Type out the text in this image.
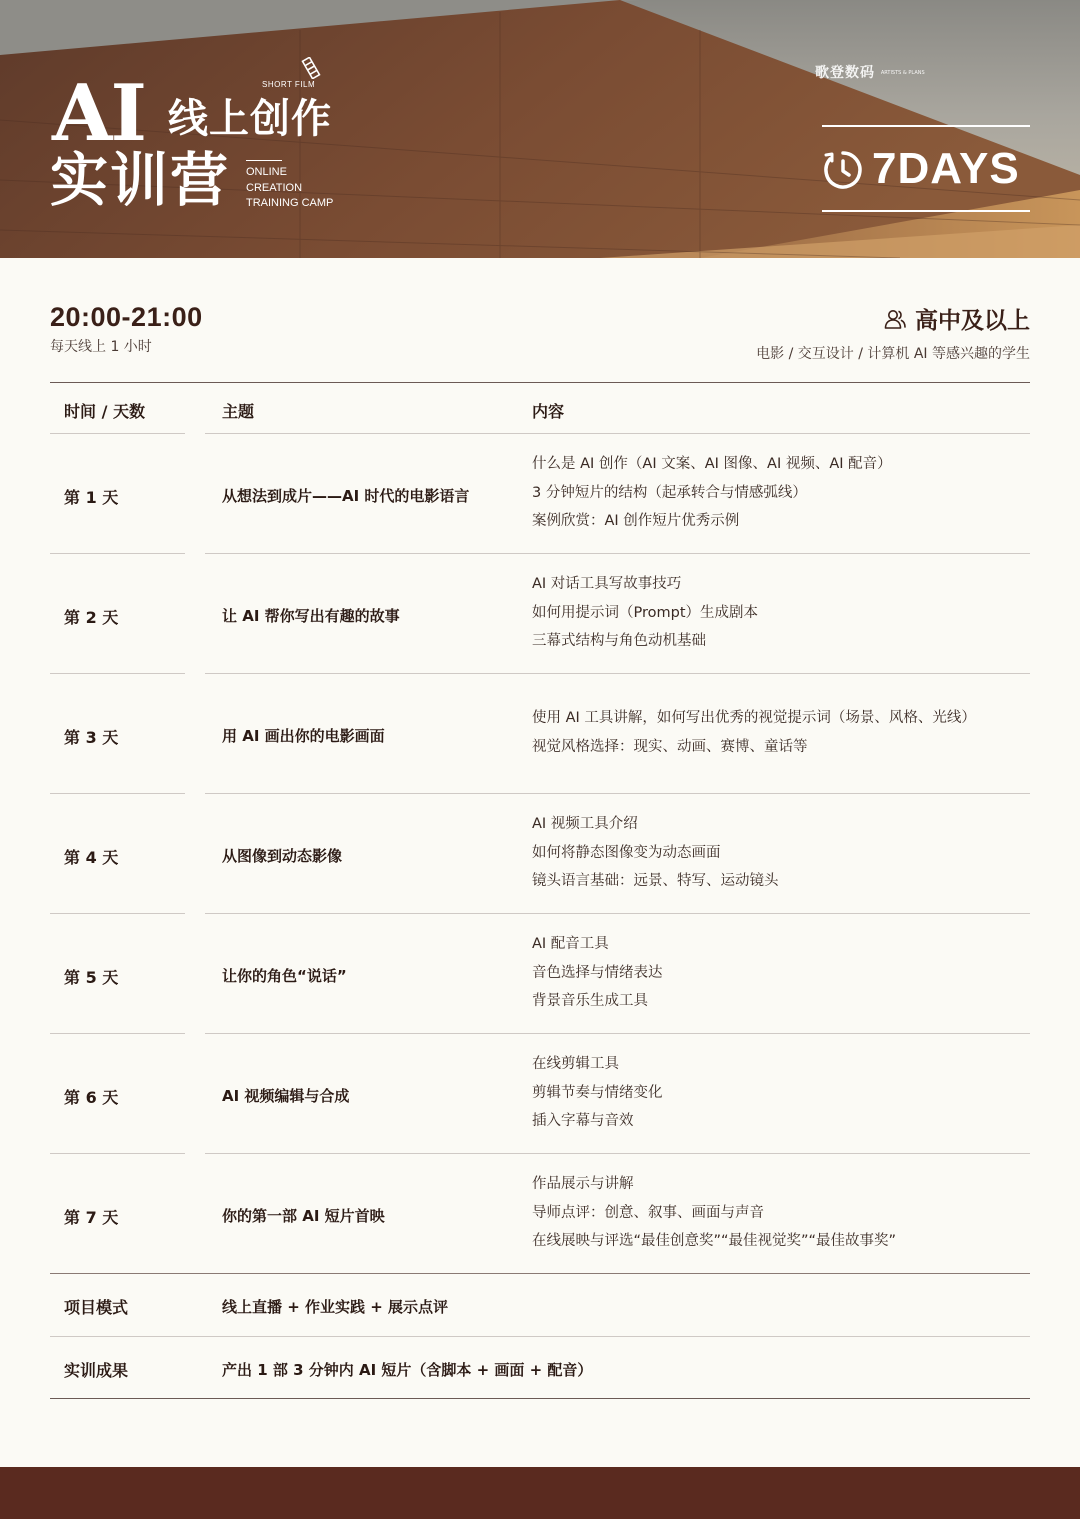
AI	SHORT FILM
线上创作
实训营 ONLINE
CREATION
TRAINING CAMP
歌登数码 ARTISTS & PLANS
7DAYS
20:00-21:00
每天线上 1 小时
高中及以上
电影 / 交互设计 / 计算机 AI 等感兴趣的学生
时间 / 天数	主题	内容
第 1 天	从想法到成片——AI 时代的电影语言
什么是 AI 创作（AI 文案、AI 图像、AI 视频、AI 配音）
3 分钟短片的结构（起承转合与情感弧线）
案例欣赏：AI 创作短片优秀示例
第 2 天	让 AI 帮你写出有趣的故事
AI 对话工具写故事技巧
如何用提示词（Prompt）生成剧本
三幕式结构与角色动机基础
第 3 天	用 AI 画出你的电影画面
使用 AI 工具讲解，如何写出优秀的视觉提示词（场景、风格、光线）
视觉风格选择：现实、动画、赛博、童话等
第 4 天	从图像到动态影像
AI 视频工具介绍
如何将静态图像变为动态画面
镜头语言基础：远景、特写、运动镜头
第 5 天	让你的角色“说话”
AI 配音工具
音色选择与情绪表达
背景音乐生成工具
第 6 天	AI 视频编辑与合成
在线剪辑工具
剪辑节奏与情绪变化
插入字幕与音效
第 7 天	你的第一部 AI 短片首映
作品展示与讲解
导师点评：创意、叙事、画面与声音
在线展映与评选“最佳创意奖”“最佳视觉奖”“最佳故事奖”
项目模式	线上直播 + 作业实践 + 展示点评
实训成果	产出 1 部 3 分钟内 AI 短片（含脚本 + 画面 + 配音）
